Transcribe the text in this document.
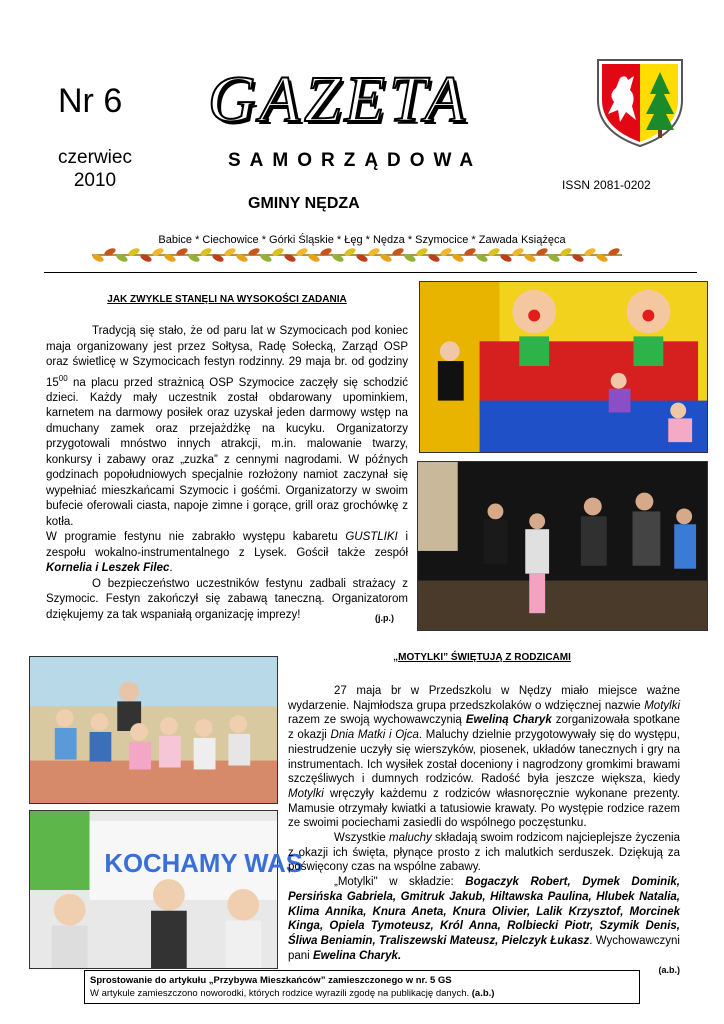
Nr 6
czerwiec
2010
GAZETA
SAMORZĄDOWA
ISSN 2081-0202
GMINY NĘDZA
Babice * Ciechowice * Górki Śląskie * Łęg * Nędza * Szymocice * Zawada Książęca
JAK ZWYKLE STANĘLI NA WYSOKOŚCI ZADANIA

Tradycją się stało, że od paru lat w Szymocicach pod koniec maja organizowany jest przez Sołtysa, Radę Sołecką, Zarząd OSP oraz świetlicę w Szymocicach festyn rodzinny. 29 maja br. od godziny $15^{00}$ na placu przed strażnicą OSP Szymocice zaczęły się schodzić dzieci. Każdy mały uczestnik został obdarowany upominkiem, karnetem na darmowy posiłek oraz uzyskał jeden darmowy wstęp na dmuchany zamek oraz przejażdżkę na kucyku. Organizatorzy przygotowali mnóstwo innych atrakcji, m.in. malowanie twarzy, konkursy i zabawy oraz „zuzka” z cennymi nagrodami. W późnych godzinach popołudniowych specjalnie rozłożony namiot zaczynał się wypełniać mieszkańcami Szymocic i gośćmi. Organizatorzy w swoim bufecie oferowali ciasta, napoje zimne i gorące, grill oraz grochówkę z kotła.

W programie festynu nie zabrakło występu kabaretu GUSTLIKI i zespołu wokalno-instrumentalnego z Lysek. Gościł także zespół Kornelia i Leszek Filec.

O bezpieczeństwo uczestników festynu zadbali strażacy z Szymocic. Festyn zakończył się zabawą taneczną. Organizatorom dziękujemy za tak wspaniałą organizację imprezy!	(j.p.)

KOCHAMY WAS
„MOTYLKI” ŚWIĘTUJĄ Z RODZICAMI

27 maja br w Przedszkolu w Nędzy miało miejsce ważne wydarzenie. Najmłodsza grupa przedszkolaków o wdzięcznej nazwie Motylki razem ze swoją wychowawczynią Eweliną Charyk zorganizowała spotkane z okazji Dnia Matki i Ojca. Maluchy dzielnie przygotowywały się do występu, niestrudzenie uczyły się wierszyków, piosenek, układów tanecznych i gry na instrumentach. Ich wysiłek został doceniony i nagrodzony gromkimi brawami szczęśliwych i dumnych rodziców. Radość była jeszcze większa, kiedy Motylki wręczyły każdemu z rodziców własnoręcznie wykonane prezenty. Mamusie otrzymały kwiatki a tatusiowie krawaty. Po występie rodzice razem ze swoimi pociechami zasiedli do wspólnego poczęstunku.

Wszystkie maluchy składają swoim rodzicom najcieplejsze życzenia z okazji ich święta, płynące prosto z ich malutkich serduszek. Dziękują za poświęcony czas na wspólne zabawy.

„Motylki" w składzie: Bogaczyk Robert, Dymek Dominik, Persińska Gabriela, Gmitruk Jakub, Hiltawska Paulina, Hlubek Natalia, Klima Annika, Knura Aneta, Knura Olivier, Lalik Krzysztof, Morcinek Kinga, Opiela Tymoteusz, Król Anna, Rolbiecki Piotr, Szymik Denis, Śliwa Beniamin, Traliszewski Mateusz, Pielczyk Łukasz. Wychowawczyni pani Ewelina Charyk.

(a.b.)
Sprostowanie do artykułu „Przybywa Mieszkańców” zamieszczonego w nr. 5 GS
W artykule zamieszczono noworodki, których rodzice wyrazili zgodę na publikację danych. (a.b.)
